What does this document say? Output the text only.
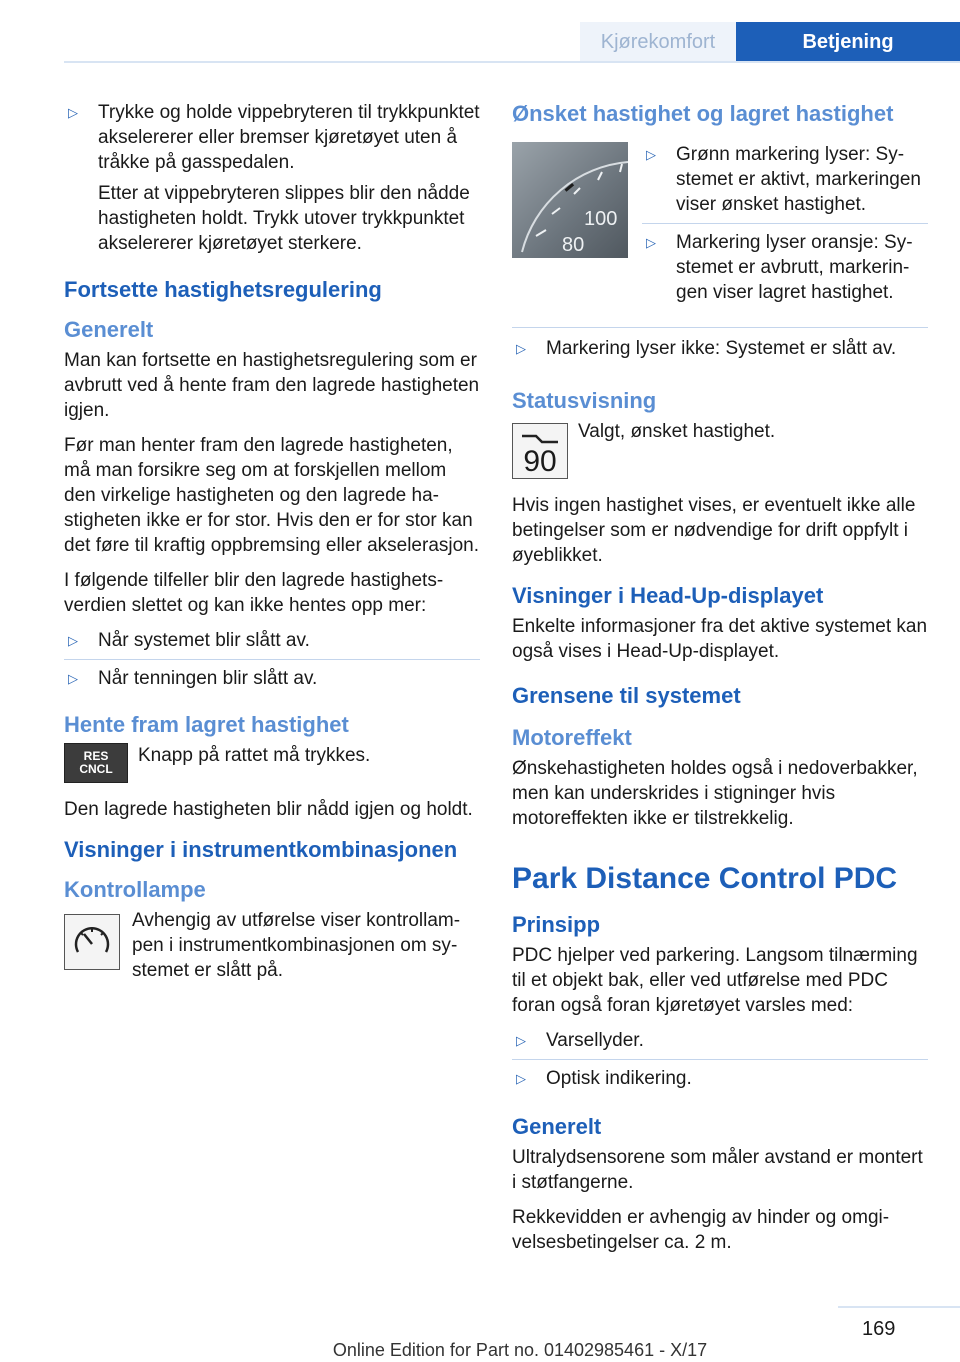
Kjørekomfort	Betjening
▷ Trykke og holde vippebryteren til trykkpunktet akselererer eller bremser kjøretøyet uten å tråkke på gasspedalen.

Etter at vippebryteren slippes blir den nådde hastigheten holdt. Trykk utover trykkpunktet akselererer kjøretøyet sterkere.

Fortsette hastighetsregulering
Generelt

Man kan fortsette en hastighetsregulering som er avbrutt ved å hente fram den lagrede hastigheten igjen.

Før man henter fram den lagrede hastigheten, må man forsikre seg om at forskjellen mellom den virkelige hastigheten og den lagrede hastigheten ikke er for stor. Hvis den er for stor kan det føre til kraftig oppbremsing eller akselerasjon.

I følgende tilfeller blir den lagrede hastighetsverdien slettet og kan ikke hentes opp mer:

▷ Når systemet blir slått av.
▷ Når tenningen blir slått av.
Hente fram lagret hastighet
RES
CNCL
Knapp på rattet må trykkes.

Den lagrede hastigheten blir nådd igjen og holdt.

Visninger i instrumentkombinasjonen
Kontrollampe
Avhengig av utførelse viser kontrollampen i instrumentkombinasjonen om systemet er slått på.
Ønsket hastighet og lagret hastighet
100
80
▷ Grønn markering lyser: Systemet er aktivt, markeringen viser ønsket hastighet.
▷ Markering lyser oransje: Systemet er avbrutt, markeringen viser lagret hastighet.
▷ Markering lyser ikke: Systemet er slått av.
Statusvisning
90
Valgt, ønsket hastighet.

Hvis ingen hastighet vises, er eventuelt ikke alle betingelser som er nødvendige for drift oppfylt i øyeblikket.

Visninger i Head-Up-displayet

Enkelte informasjoner fra det aktive systemet kan også vises i Head-Up-displayet.

Grensene til systemet
Motoreffekt

Ønskehastigheten holdes også i nedoverbakker, men kan underskrides i stigninger hvis motoreffekten ikke er tilstrekkelig.

Park Distance Control PDC
Prinsipp

PDC hjelper ved parkering. Langsom tilnærming til et objekt bak, eller ved utførelse med PDC foran også foran kjøretøyet varsles med:

▷ Varsellyder.
▷ Optisk indikering.
Generelt

Ultralydsensorene som måler avstand er montert i støtfangerne.

Rekkevidden er avhengig av hinder og omgivelsesbetingelser ca. 2 m.

169
Online Edition for Part no. 01402985461 - X/17
